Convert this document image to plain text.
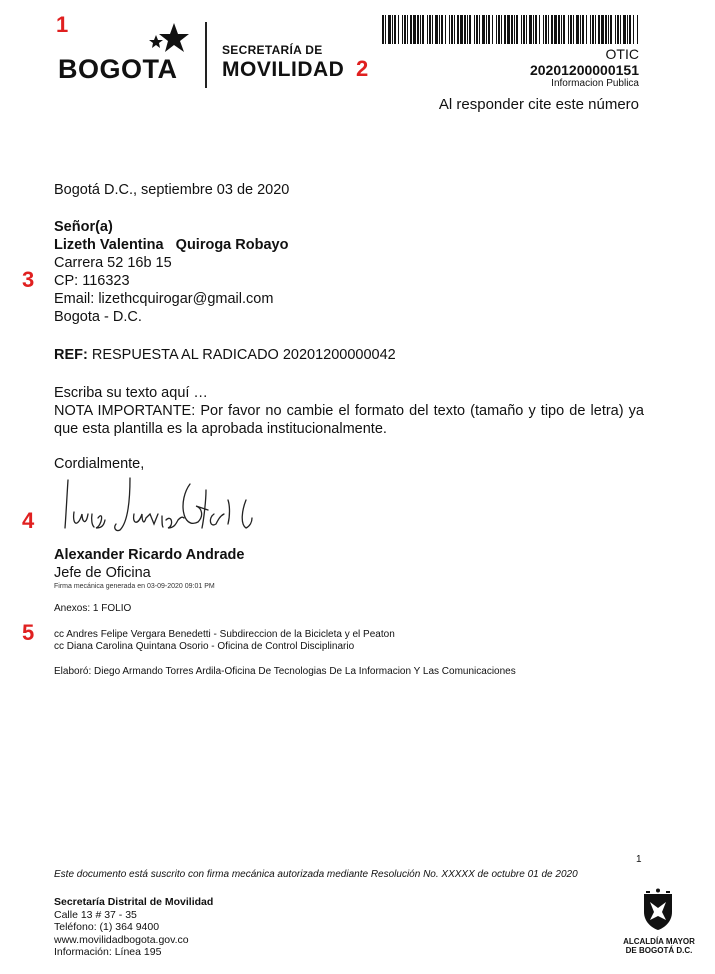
1
2
3
4
5
BOGOTA
SECRETARÍA DE
MOVILIDAD
OTIC
20201200000151
Informacion Publica
Al responder cite este número
Bogotá D.C., septiembre 03 de 2020
Señor(a)
Lizeth Valentina   Quiroga Robayo
Carrera 52 16b 15
CP: 116323
Email: lizethcquirogar@gmail.com
Bogota - D.C.
REF: RESPUESTA AL RADICADO 20201200000042
Escriba su texto aquí …
NOTA IMPORTANTE: Por favor no cambie el formato del texto (tamaño y tipo de letra) ya que esta plantilla es la aprobada institucionalmente.
Cordialmente,
Alexander Ricardo Andrade
Jefe de Oficina
Firma mecánica generada en 03-09-2020 09:01 PM
Anexos: 1 FOLIO
cc Andres Felipe Vergara Benedetti - Subdireccion de la Bicicleta y el Peaton
cc Diana Carolina Quintana Osorio - Oficina de Control Disciplinario
Elaboró: Diego Armando Torres Ardila-Oficina De Tecnologias De La Informacion Y Las Comunicaciones
1
Este documento está suscrito con firma mecánica autorizada mediante Resolución No. XXXXX de octubre 01 de 2020
Secretaría Distrital de Movilidad
Calle 13 # 37 - 35
Teléfono: (1) 364 9400
www.movilidadbogota.gov.co
Información: Línea 195
ALCALDÍA MAYOR
DE BOGOTÁ D.C.
